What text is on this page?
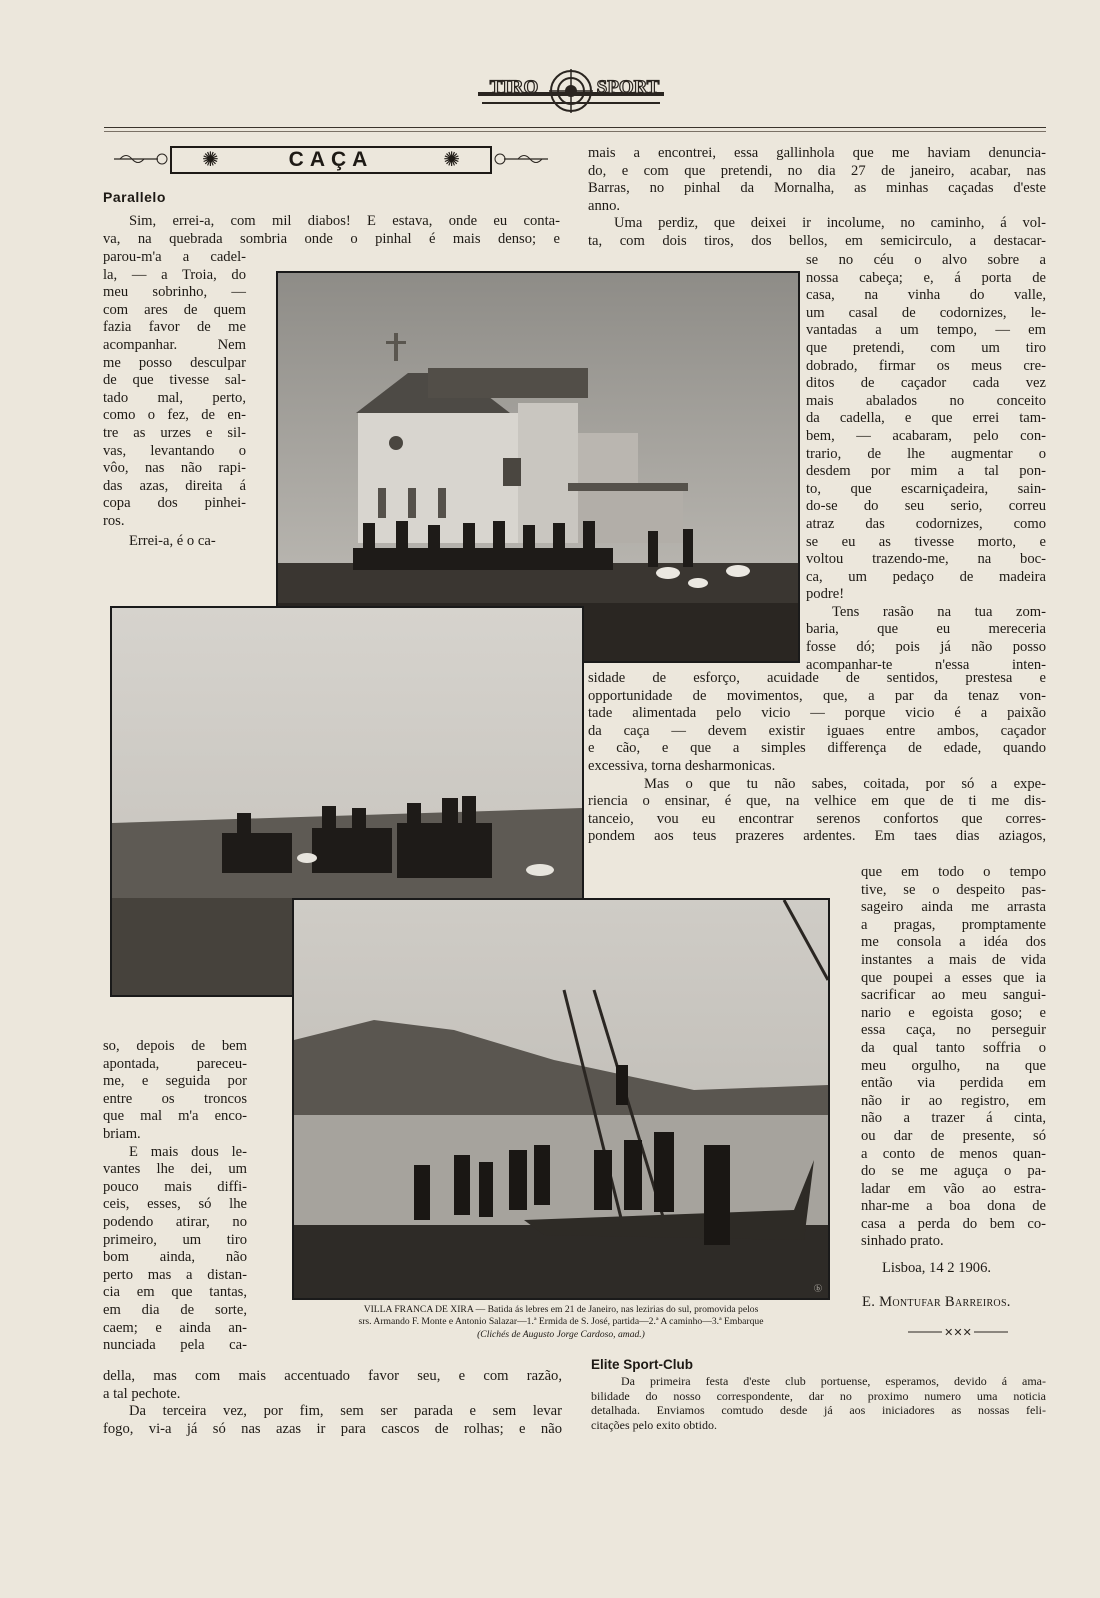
TIRO	SPORT
✺	CAÇA	✺
Parallelo
Sim, errei-a, com mil diabos! E estava, onde eu conta-
va, na quebrada sombria onde o pinhal é mais denso; e
parou-m'a a cadel-
la, — a Troia, do
meu sobrinho, —
com ares de quem
fazia favor de me
acompanhar. Nem
me posso desculpar
de que tivesse sal-
tado mal, perto,
como o fez, de en-
tre as urzes e sil-
vas, levantando o
vôo, nas não rapi-
das azas, direita á
copa dos pinhei-
ros.
Errei-a, é o ca-
mais a encontrei, essa gallinhola que me haviam denuncia-
do, e com que pretendi, no dia 27 de janeiro, acabar, nas
Barras, no pinhal da Mornalha, as minhas caçadas d'este
anno.
Uma perdiz, que deixei ir incolume, no caminho, á vol-
ta, com dois tiros, dos bellos, em semicirculo, a destacar-
se no céu o alvo sobre a
nossa cabeça; e, á porta de
casa, na vinha do valle,
um casal de codornizes, le-
vantadas a um tempo, — em
que pretendi, com um tiro
dobrado, firmar os meus cre-
ditos de caçador cada vez
mais abalados no conceito
da cadella, e que errei tam-
bem, — acabaram, pelo con-
trario, de lhe augmentar o
desdem por mim a tal pon-
to, que escarniçadeira, sain-
do-se do seu serio, correu
atraz das codornizes, como
se eu as tivesse morto, e
voltou trazendo-me, na boc-
ca, um pedaço de madeira
podre!
Tens rasão na tua zom-
baria, que eu mereceria
fosse dó; pois já não posso
acompanhar-te n'essa inten-
sidade de esforço, acuidade de sentidos, prestesa e
opportunidade de movimentos, que, a par da tenaz von-
tade alimentada pelo vicio — porque vicio é a paixão
da caça — devem existir iguaes entre ambos, caçador
e cão, e que a simples differença de edade, quando
excessiva, torna desharmonicas.
Mas o que tu não sabes, coitada, por só a expe-
riencia o ensinar, é que, na velhice em que de ti me dis-
tanceio, vou eu encontrar serenos confortos que corres-
pondem aos teus prazeres ardentes. Em taes dias aziagos,
que em todo o tempo
tive, se o despeito pas-
sageiro ainda me arrasta
a pragas, promptamente
me consola a idéa dos
instantes a mais de vida
que poupei a esses que ia
sacrificar ao meu sangui-
nario e egoista goso; e
essa caça, no perseguir
da qual tanto soffria o
meu orgulho, na que
então via perdida em
não ir ao registro, em
não a trazer á cinta,
ou dar de presente, só
a conto de menos quan-
do se me aguça o pa-
ladar em vão ao estra-
nhar-me a boa dona de
casa a perda do bem co-
sinhado prato.
Lisboa, 14 2 1906.
E. Montufar Barreiros.
✕✕✕
ⓑ
VILLA FRANCA DE XIRA — Batida ás lebres em 21 de Janeiro, nas lezirias do sul, promovida pelos
srs. Armando F. Monte e Antonio Salazar—1.ª Ermida de S. José, partida—2.ª A caminho—3.ª Embarque
(Clichés de Augusto Jorge Cardoso, amad.)
so, depois de bem
apontada, pareceu-
me, e seguida por
entre os troncos
que mal m'a enco-
briam.
E mais dous le-
vantes lhe dei, um
pouco mais diffi-
ceis, esses, só lhe
podendo atirar, no
primeiro, um tiro
bom ainda, não
perto mas a distan-
cia em que tantas,
em dia de sorte,
caem; e ainda an-
nunciada pela ca-
della, mas com mais accentuado favor seu, e com razão,
a tal pechote.
Da terceira vez, por fim, sem ser parada e sem levar
fogo, vi-a já só nas azas ir para cascos de rolhas; e não
Elite Sport-Club
Da primeira festa d'este club portuense, esperamos, devido á ama-
bilidade do nosso correspondente, dar no proximo numero uma noticia
detalhada. Enviamos comtudo desde já aos iniciadores as nossas feli-
citações pelo exito obtido.
